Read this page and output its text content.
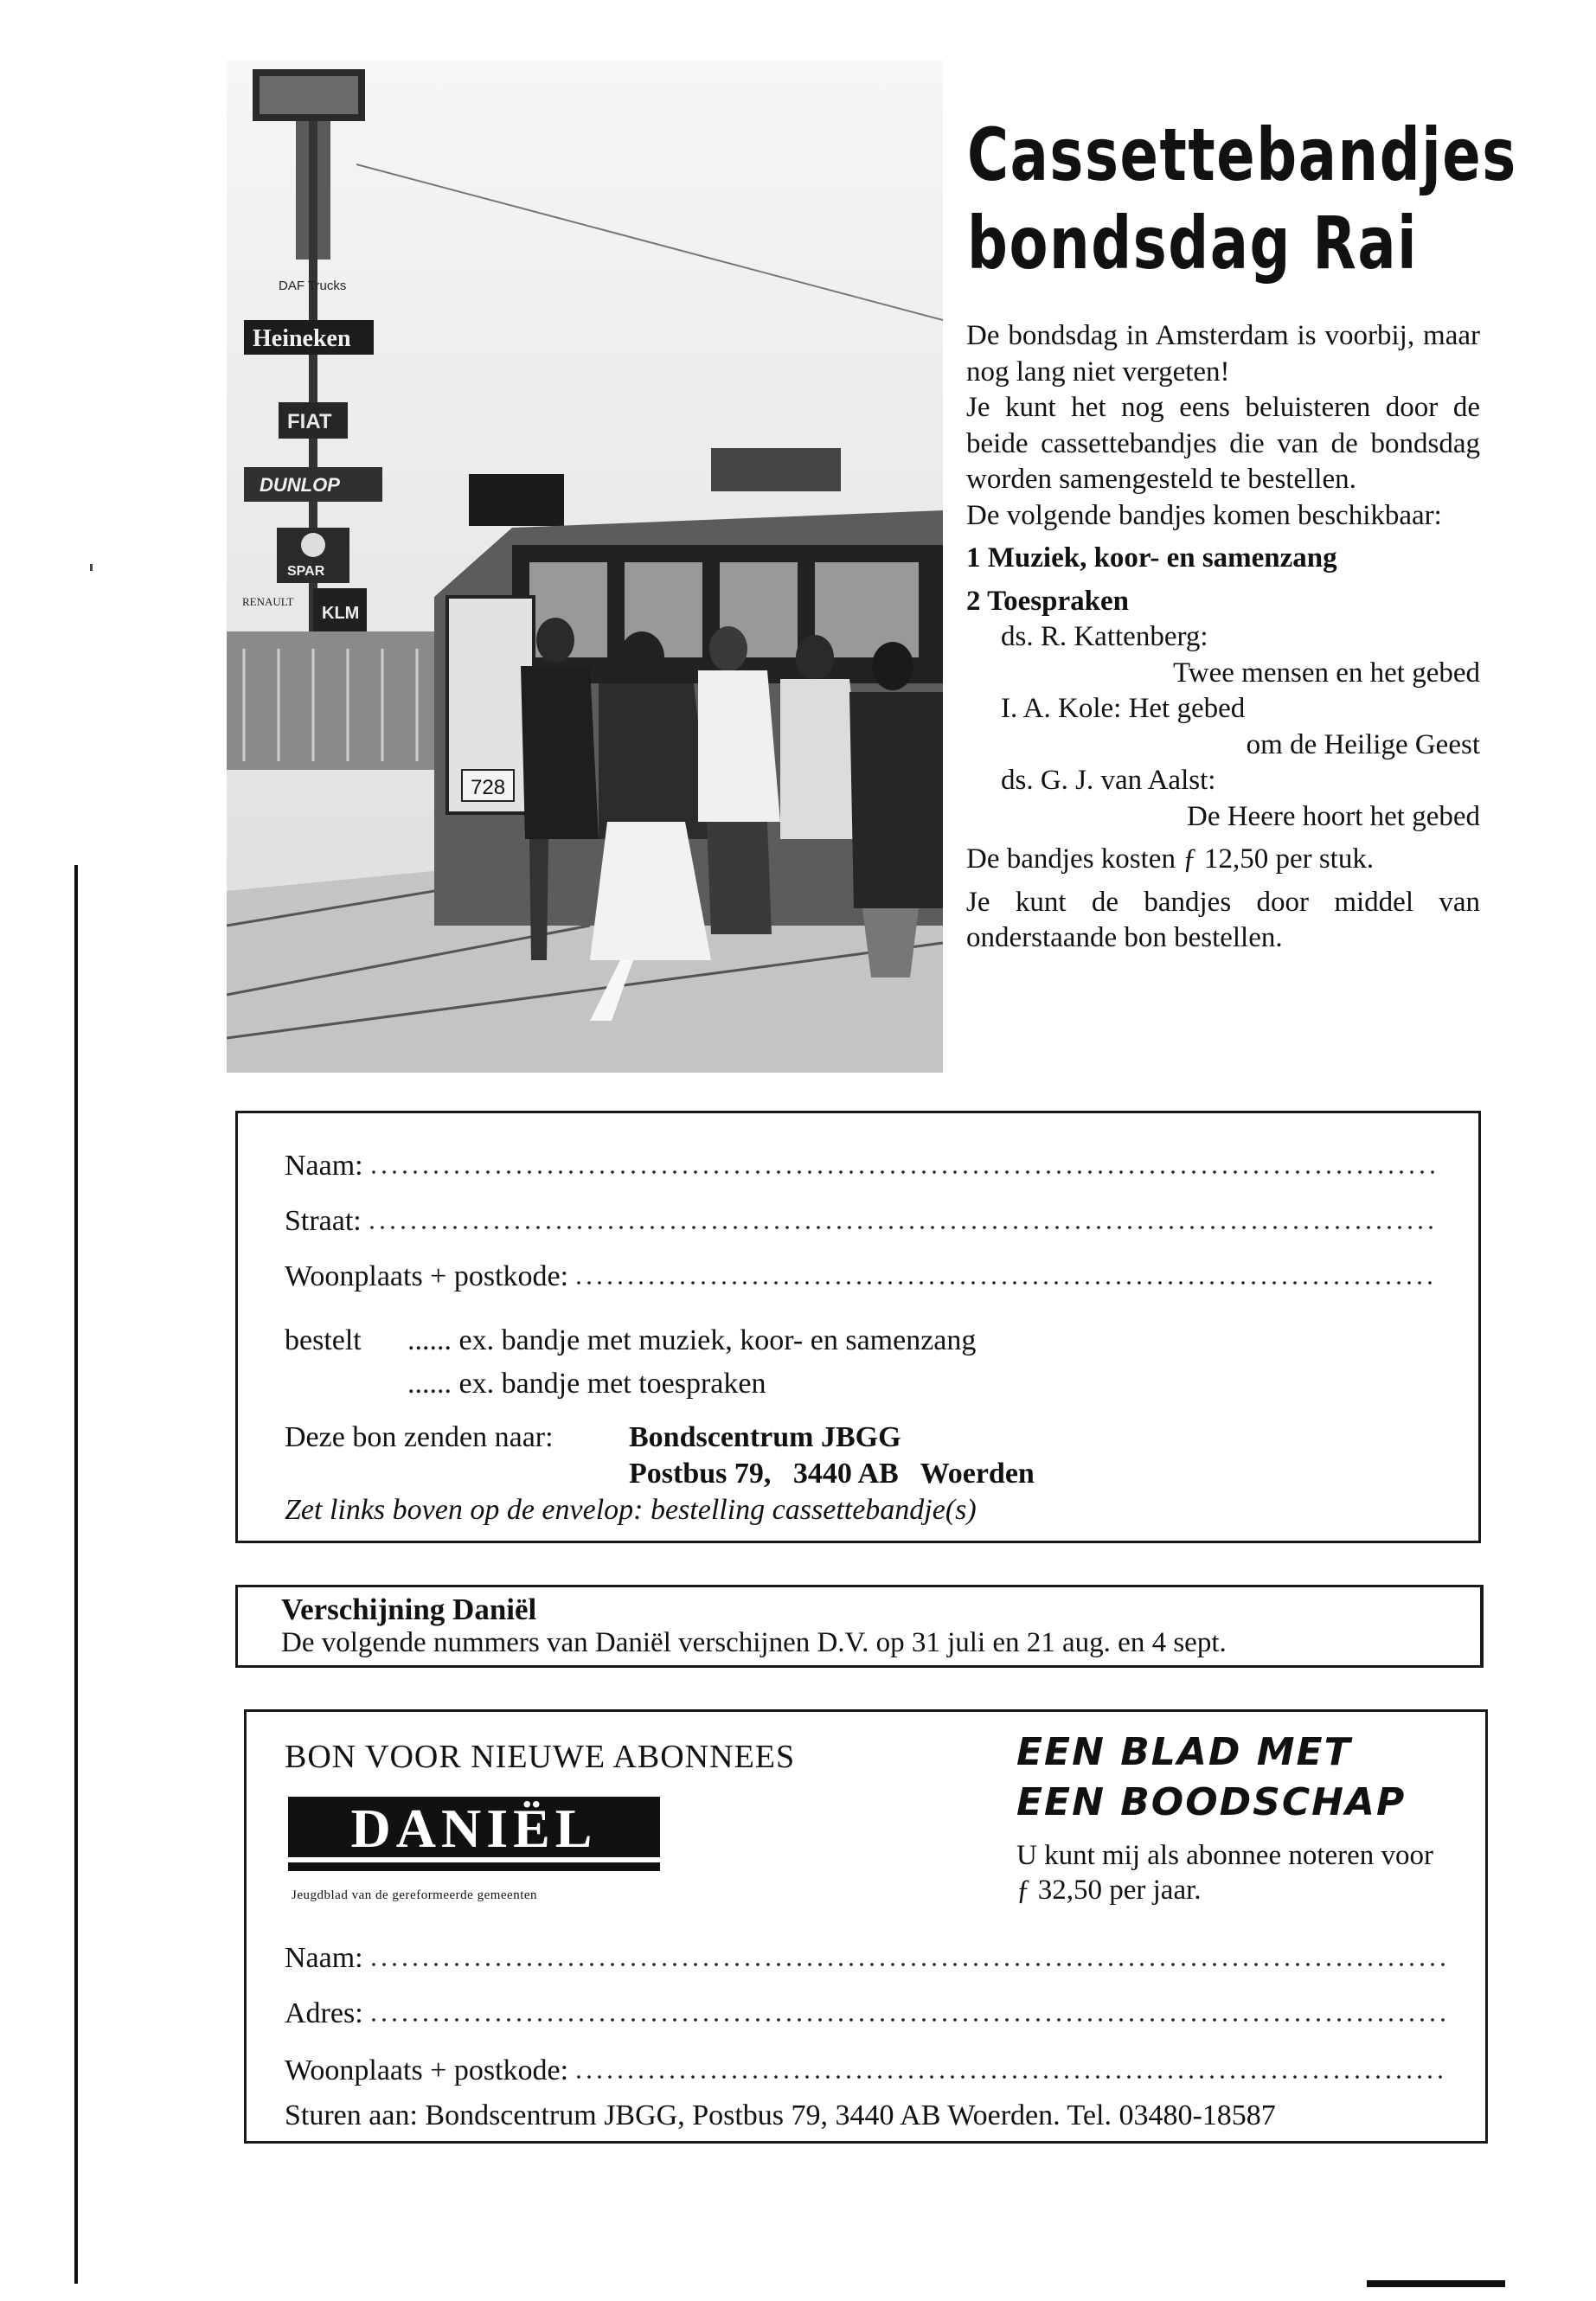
DAF Trucks
Heineken
FIAT
DUNLOP
SPAR
RENAULT
KLM
728
Cassettebandjes
bondsdag Rai

De bondsdag in Amsterdam is voorbij, maar nog lang niet vergeten!

Je kunt het nog eens beluisteren door de beide cassettebandjes die van de bondsdag worden samengesteld te bestellen.

De volgende bandjes komen beschikbaar:

1 Muziek, koor- en samenzang

2 Toespraken

ds. R. Kattenberg:

Twee mensen en het gebed

I. A. Kole: Het gebed

om de Heilige Geest

ds. G. J. van Aalst:

De Heere hoort het gebed

De bandjes kosten ƒ 12,50 per stuk.

Je kunt de bandjes door middel van onderstaande bon bestellen.

Naam:
Straat:
Woonplaats + postkode:
bestelt ...... ex. bandje met muziek, koor- en samenzang
...... ex. bandje met toespraken
Deze bon zenden naar:	Bondscentrum JBGG
Postbus 79,   3440 AB   Woerden
Zet links boven op de envelop: bestelling cassettebandje(s)
Verschijning Daniël
De volgende nummers van Daniël verschijnen D.V. op 31 juli en 21 aug. en 4 sept.
BON VOOR NIEUWE ABONNEES
DANIËL
Jeugdblad van de gereformeerde gemeenten
EEN BLAD MET
EEN BOODSCHAP
U kunt mij als abonnee noteren voor ƒ 32,50 per jaar.
Naam:
Adres:
Woonplaats + postkode:
Sturen aan: Bondscentrum JBGG, Postbus 79, 3440 AB Woerden. Tel. 03480-18587
